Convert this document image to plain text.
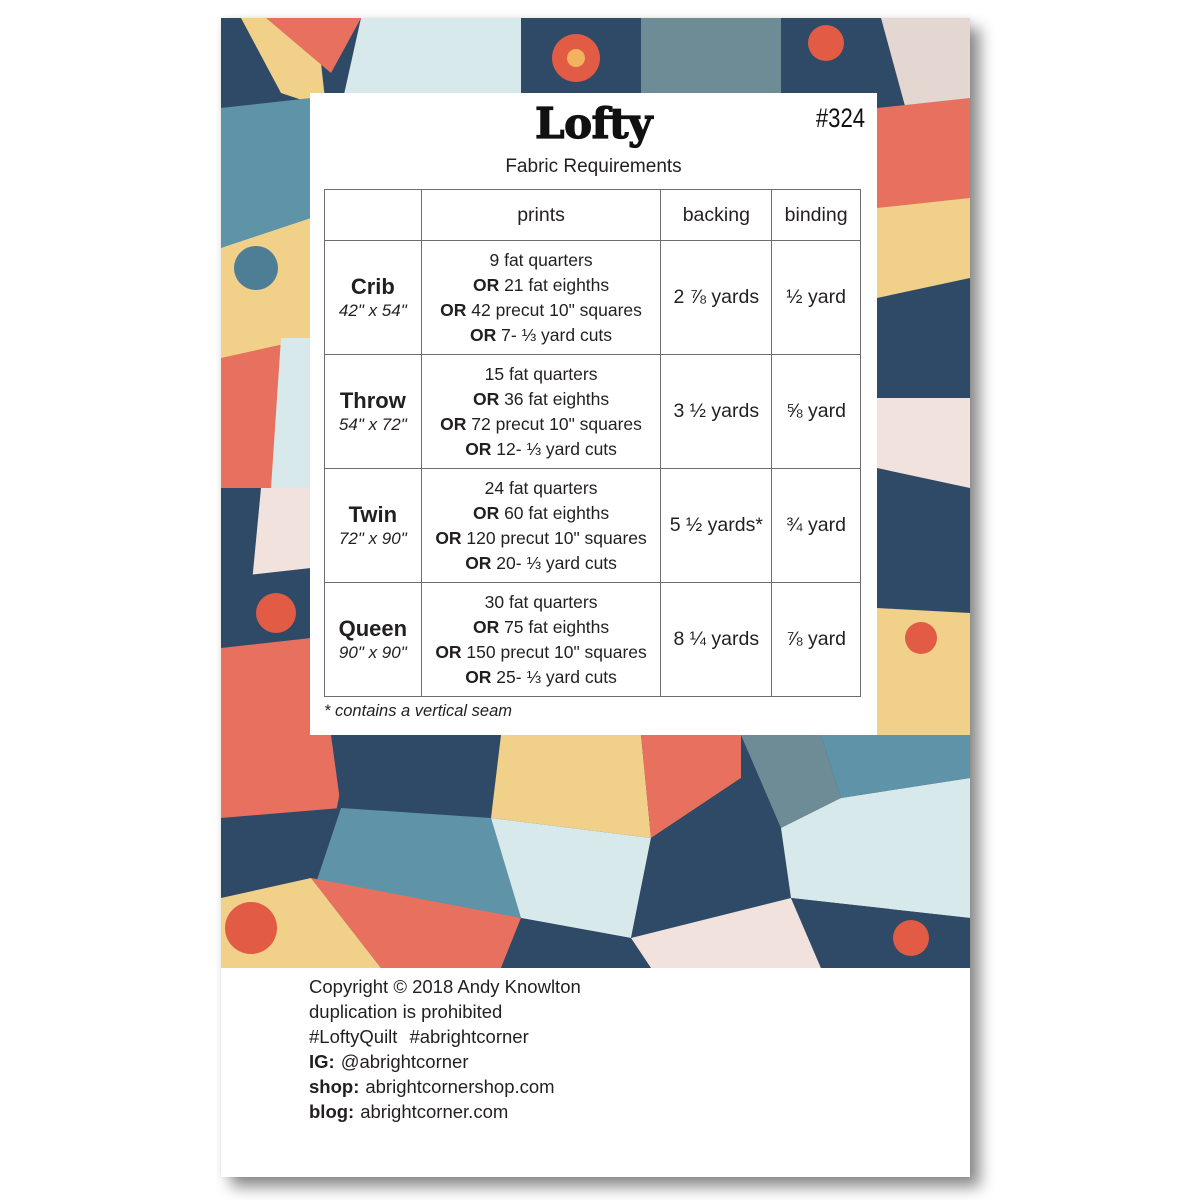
Lofty	#324
Fabric Requirements
	prints	backing	binding

Crib
42" x 54"	9 fat quarters
OR 21 fat eighths
OR 42 precut 10" squares
OR 7- ⅓ yard cuts	2 ⅞ yards	½ yard

Throw
54" x 72"	15 fat quarters
OR 36 fat eighths
OR 72 precut 10" squares
OR 12- ⅓ yard cuts	3 ½ yards	⅝ yard

Twin
72" x 90"	24 fat quarters
OR 60 fat eighths
OR 120 precut 10" squares
OR 20- ⅓ yard cuts	5 ½ yards*	¾ yard

Queen
90" x 90"	30 fat quarters
OR 75 fat eighths
OR 150 precut 10" squares
OR 25- ⅓ yard cuts	8 ¼ yards	⅞ yard
* contains a vertical seam
Copyright © 2018 Andy Knowlton
duplication is prohibited
#LoftyQuilt #abrightcorner
IG: @abrightcorner
shop: abrightcornershop.com
blog: abrightcorner.com
